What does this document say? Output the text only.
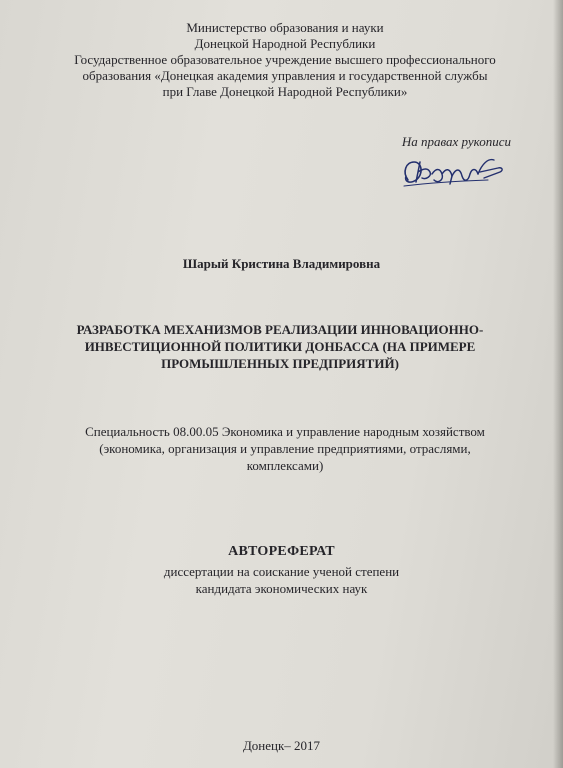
Министерство образования и науки
Донецкой Народной Республики
Государственное образовательное учреждение высшего профессионального
образования «Донецкая академия управления и государственной службы
при Главе Донецкой Народной Республики»
На правах рукописи
Шарый Кристина Владимировна
РАЗРАБОТКА МЕХАНИЗМОВ РЕАЛИЗАЦИИ ИННОВАЦИОННО-
ИНВЕСТИЦИОННОЙ ПОЛИТИКИ ДОНБАССА (НА ПРИМЕРЕ
ПРОМЫШЛЕННЫХ ПРЕДПРИЯТИЙ)
Специальность 08.00.05 Экономика и управление народным хозяйством
(экономика, организация и управление предприятиями, отраслями,
комплексами)
АВТОРЕФЕРАТ
диссертации на соискание ученой степени
кандидата экономических наук
Донецк– 2017
